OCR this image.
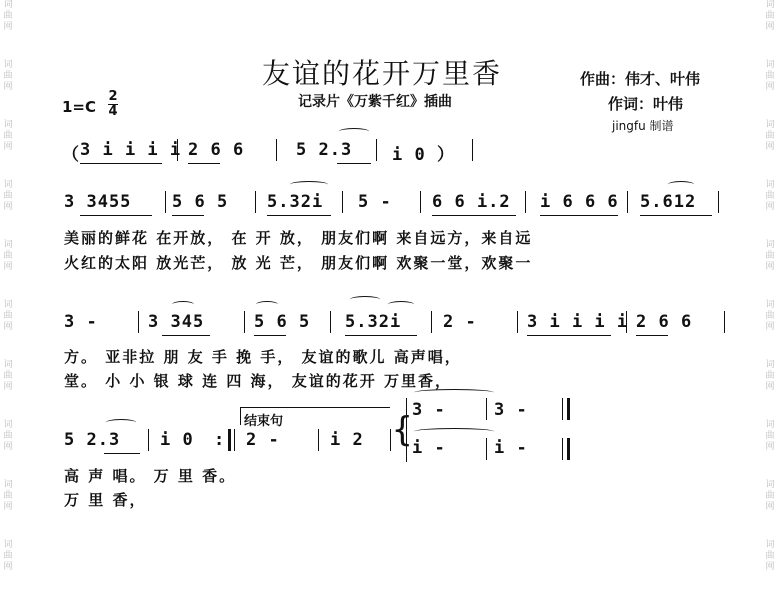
词曲网
词曲网
词曲网
词曲网
词曲网
词曲网
词曲网
词曲网
词曲网
词曲网
词曲网
词曲网
词曲网
词曲网
词曲网
词曲网
词曲网
词曲网
词曲网
词曲网
友谊的花开万里香
记录片《万紫千红》插曲
作曲：伟才、叶伟
作词：叶伟
jingfu 制谱
1=C
2
4
（ 3 i i i i 2 6 6	5 2.3 i 0 ）
3 3455 5 6 5 5.32i 5 - 6 6 i.2 i 6 6 6 5.612
美丽的鲜花 在开放， 在 开 放， 朋友们啊 来自远方，来自远
火红的太阳 放光芒， 放 光 芒， 朋友们啊 欢聚一堂，欢聚一
3 -	3 345	5 6 5 5.32i 2 -	3 i i i i 2 6 6
方。 亚非拉 朋 友 手 挽 手， 友谊的歌儿 高声唱，
堂。 小 小 银 球 连 四 海， 友谊的花开 万里香，
结束句
5 2.3 i 0 : 2 -	i 2 {
3 -	3 -
i -	i -
高 声 唱。 万 里 香。
万 里 香，
